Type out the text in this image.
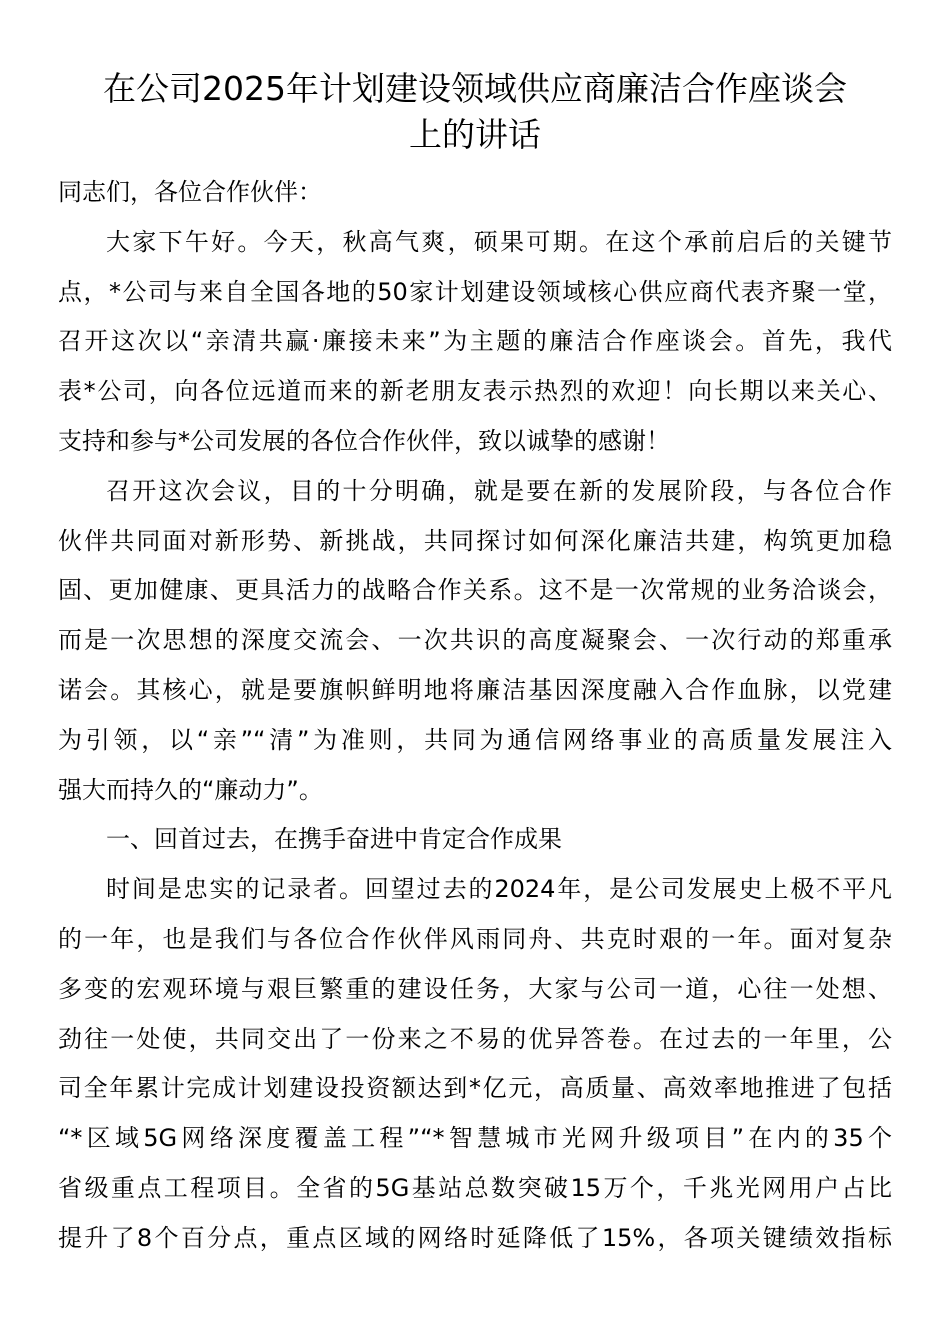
在公司2025年计划建设领域供应商廉洁合作座谈会
上的讲话

同志们，各位合作伙伴：

大家下午好。今天，秋高气爽，硕果可期。在这个承前启后的关键节
点，*公司与来自全国各地的50家计划建设领域核心供应商代表齐聚一堂，
召开这次以“亲清共赢·廉接未来”为主题的廉洁合作座谈会。首先，我代
表*公司，向各位远道而来的新老朋友表示热烈的欢迎！向长期以来关心、
支持和参与*公司发展的各位合作伙伴，致以诚挚的感谢！

召开这次会议，目的十分明确，就是要在新的发展阶段，与各位合作
伙伴共同面对新形势、新挑战，共同探讨如何深化廉洁共建，构筑更加稳
固、更加健康、更具活力的战略合作关系。这不是一次常规的业务洽谈会，
而是一次思想的深度交流会、一次共识的高度凝聚会、一次行动的郑重承
诺会。其核心，就是要旗帜鲜明地将廉洁基因深度融入合作血脉，以党建
为引领，以“亲”“清”为准则，共同为通信网络事业的高质量发展注入
强大而持久的“廉动力”。

一、回首过去，在携手奋进中肯定合作成果

时间是忠实的记录者。回望过去的2024年，是公司发展史上极不平凡
的一年，也是我们与各位合作伙伴风雨同舟、共克时艰的一年。面对复杂
多变的宏观环境与艰巨繁重的建设任务，大家与公司一道，心往一处想、
劲往一处使，共同交出了一份来之不易的优异答卷。在过去的一年里，公
司全年累计完成计划建设投资额达到*亿元，高质量、高效率地推进了包括
“*区域5G网络深度覆盖工程”“*智慧城市光网升级项目”在内的35个
省级重点工程项目。全省的5G基站总数突破15万个，千兆光网用户占比
提升了8个百分点，重点区域的网络时延降低了15%，各项关键绩效指标
